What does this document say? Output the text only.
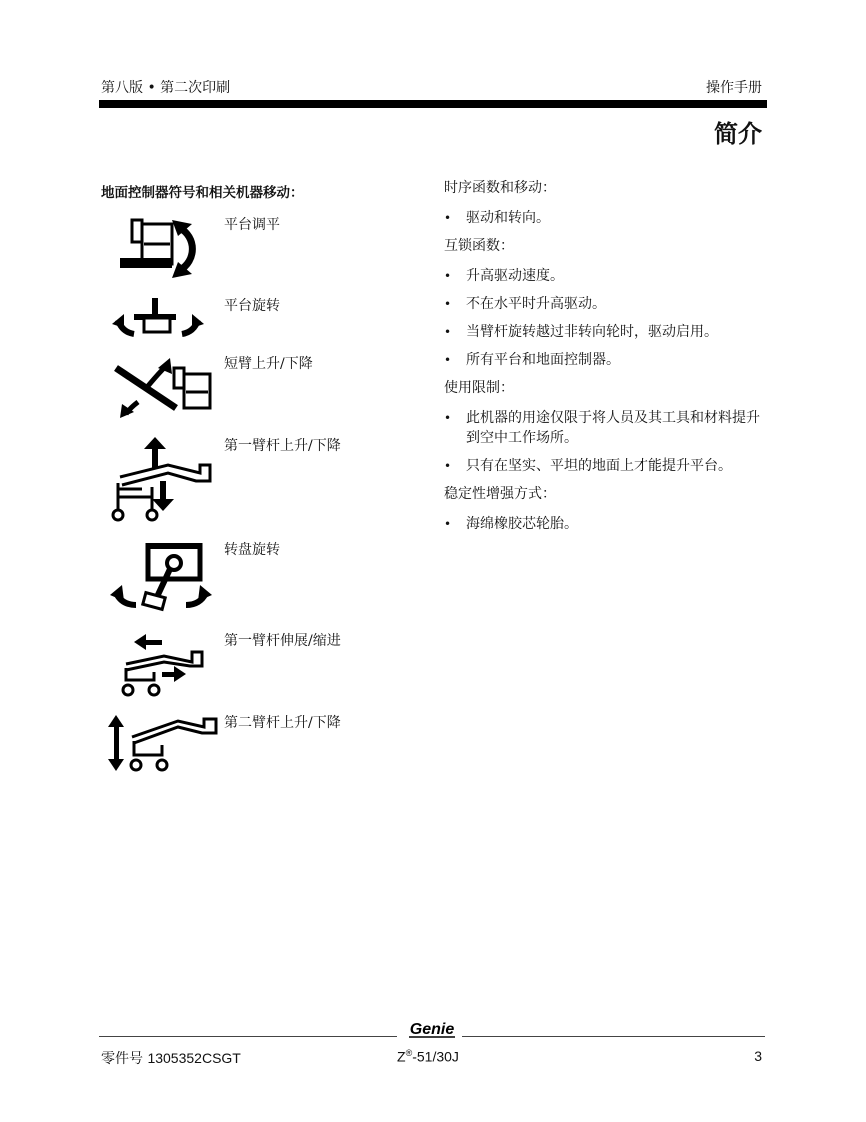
第八版 • 第二次印刷	操作手册
简介
地面控制器符号和相关机器移动：
平台调平
平台旋转
短臂上升/下降
第一臂杆上升/下降
转盘旋转
第一臂杆伸展/缩进
第二臂杆上升/下降
时序函数和移动：
• 驱动和转向。
互锁函数：
• 升高驱动速度。
• 不在水平时升高驱动。
• 当臂杆旋转越过非转向轮时，驱动启用。
• 所有平台和地面控制器。
使用限制：
• 此机器的用途仅限于将人员及其工具和材料提升到空中工作场所。
• 只有在坚实、平坦的地面上才能提升平台。
稳定性增强方式：
• 海绵橡胶芯轮胎。
Genie
零件号 1305352CSGT	Z®-51/30J	3
